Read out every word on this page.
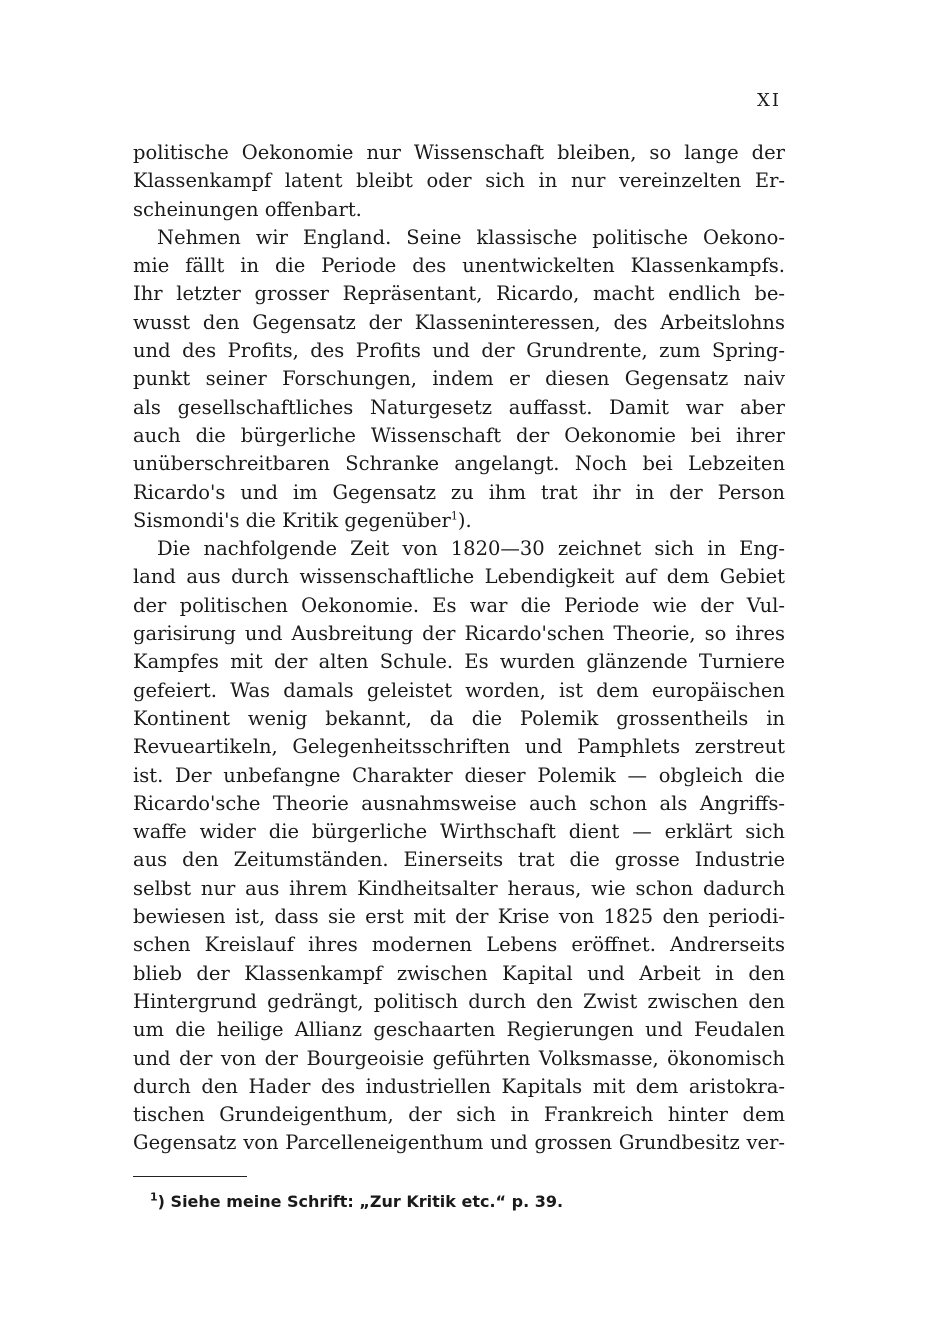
XI
politische Oekonomie nur Wissenschaft bleiben, so lange der
Klassenkampf latent bleibt oder sich in nur vereinzelten Er-
scheinungen offenbart.
Nehmen wir England. Seine klassische politische Oekono-
mie fällt in die Periode des unentwickelten Klassenkampfs.
Ihr letzter grosser Repräsentant, Ricardo, macht endlich be-
wusst den Gegensatz der Klasseninteressen, des Arbeitslohns
und des Profits, des Profits und der Grundrente, zum Spring-
punkt seiner Forschungen, indem er diesen Gegensatz naiv
als gesellschaftliches Naturgesetz auffasst. Damit war aber
auch die bürgerliche Wissenschaft der Oekonomie bei ihrer
unüberschreitbaren Schranke angelangt. Noch bei Lebzeiten
Ricardo's und im Gegensatz zu ihm trat ihr in der Person
Sismondi's die Kritik gegenüber$^1$).
Die nachfolgende Zeit von 1820—30 zeichnet sich in Eng-
land aus durch wissenschaftliche Lebendigkeit auf dem Gebiet
der politischen Oekonomie. Es war die Periode wie der Vul-
garisirung und Ausbreitung der Ricardo'schen Theorie, so ihres
Kampfes mit der alten Schule. Es wurden glänzende Turniere
gefeiert. Was damals geleistet worden, ist dem europäischen
Kontinent wenig bekannt, da die Polemik grossentheils in
Revueartikeln, Gelegenheitsschriften und Pamphlets zerstreut
ist. Der unbefangne Charakter dieser Polemik — obgleich die
Ricardo'sche Theorie ausnahmsweise auch schon als Angriffs-
waffe wider die bürgerliche Wirthschaft dient — erklärt sich
aus den Zeitumständen. Einerseits trat die grosse Industrie
selbst nur aus ihrem Kindheitsalter heraus, wie schon dadurch
bewiesen ist, dass sie erst mit der Krise von 1825 den periodi-
schen Kreislauf ihres modernen Lebens eröffnet. Andrerseits
blieb der Klassenkampf zwischen Kapital und Arbeit in den
Hintergrund gedrängt, politisch durch den Zwist zwischen den
um die heilige Allianz geschaarten Regierungen und Feudalen
und der von der Bourgeoisie geführten Volksmasse, ökonomisch
durch den Hader des industriellen Kapitals mit dem aristokra-
tischen Grundeigenthum, der sich in Frankreich hinter dem
Gegensatz von Parcelleneigenthum und grossen Grundbesitz ver-
$^1$) Siehe meine Schrift: „Zur Kritik etc.“ p. 39.
